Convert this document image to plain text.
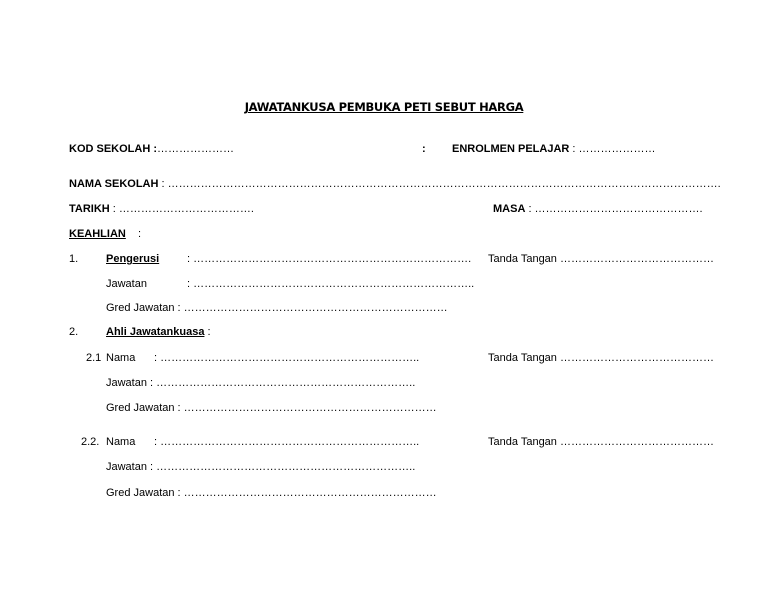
JAWATANKUSA PEMBUKA PETI SEBUT HARGA
KOD SEKOLAH :…………………	: ENROLMEN PELAJAR : …………………
NAMA SEKOLAH : …………………………………………………………………………………………………………………………………….
TARIKH : ……………………………….	MASA : ……………………………………….
KEAHLIAN :
1.	Pengerusi	: …………………………………………………………………. Tanda Tangan ……………………………………
Jawatan	: …………………………………………………………………..
Gred Jawatan : ………………………………………………………………
2.	Ahli Jawatankuasa :
2.1 Nama : ……………………………………………………………..	Tanda Tangan ……………………………………
Jawatan : ……………………………………………………………..
Gred Jawatan : ……………………………………………………………
2.2. Nama : ……………………………………………………………..	Tanda Tangan ……………………………………
Jawatan : ……………………………………………………………..
Gred Jawatan : ……………………………………………………………
